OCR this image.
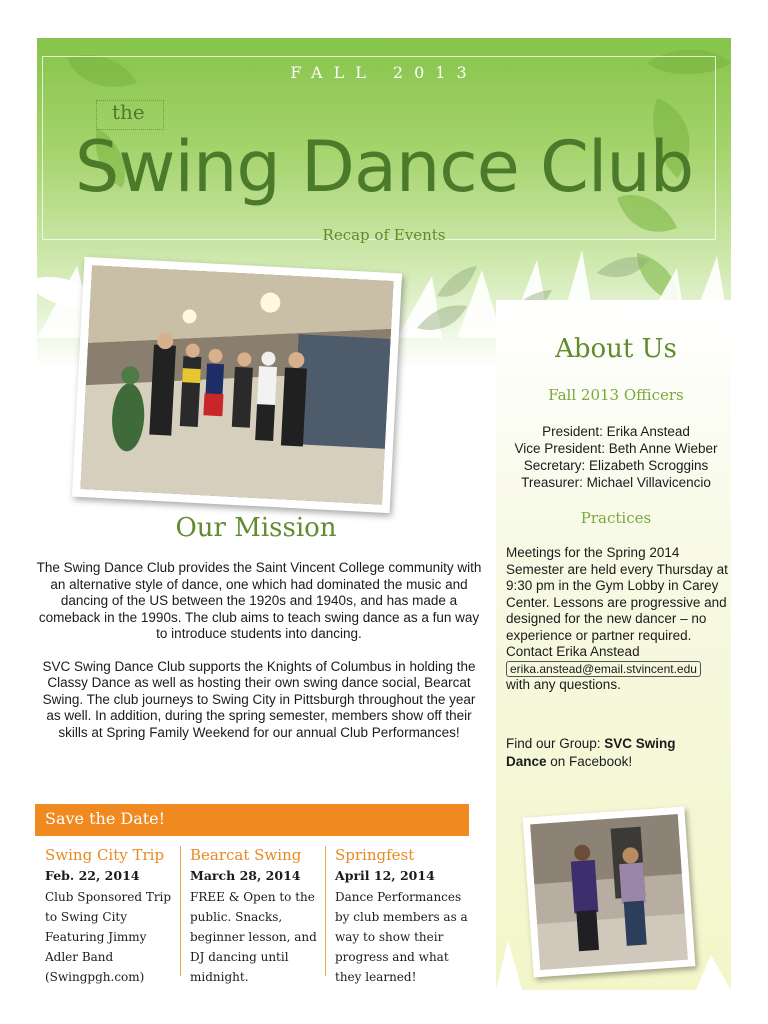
FALL 2013
the
Swing Dance Club
Recap of Events
About Us
Fall 2013 Officers
President: Erika Anstead
Vice President: Beth Anne Wieber
Secretary: Elizabeth Scroggins
Treasurer: Michael Villavicencio
Practices
Meetings for the Spring 2014 Semester are held every Thursday at 9:30 pm in the Gym Lobby in Carey Center. Lessons are progressive and designed for the new dancer – no experience or partner required.
Contact Erika Anstead
erika.anstead@email.stvincent.edu
with any questions.
Find our Group: SVC Swing Dance on Facebook!
Our Mission

The Swing Dance Club provides the Saint Vincent College community with an alternative style of dance, one which had dominated the music and dancing of the US between the 1920s and 1940s, and has made a comeback in the 1990s. The club aims to teach swing dance as a fun way to introduce students into dancing.

SVC Swing Dance Club supports the Knights of Columbus in holding the Classy Dance as well as hosting their own swing dance social, Bearcat Swing. The club journeys to Swing City in Pittsburgh throughout the year as well. In addition, during the spring semester, members show off their skills at Spring Family Weekend for our annual Club Performances!

Save the Date!
Swing City Trip
Feb. 22, 2014
Club Sponsored Trip to Swing City Featuring Jimmy Adler Band (Swingpgh.com)
Bearcat Swing
March 28, 2014
FREE & Open to the public. Snacks, beginner lesson, and DJ dancing until midnight.
Springfest
April 12, 2014
Dance Performances by club members as a way to show their progress and what they learned!
